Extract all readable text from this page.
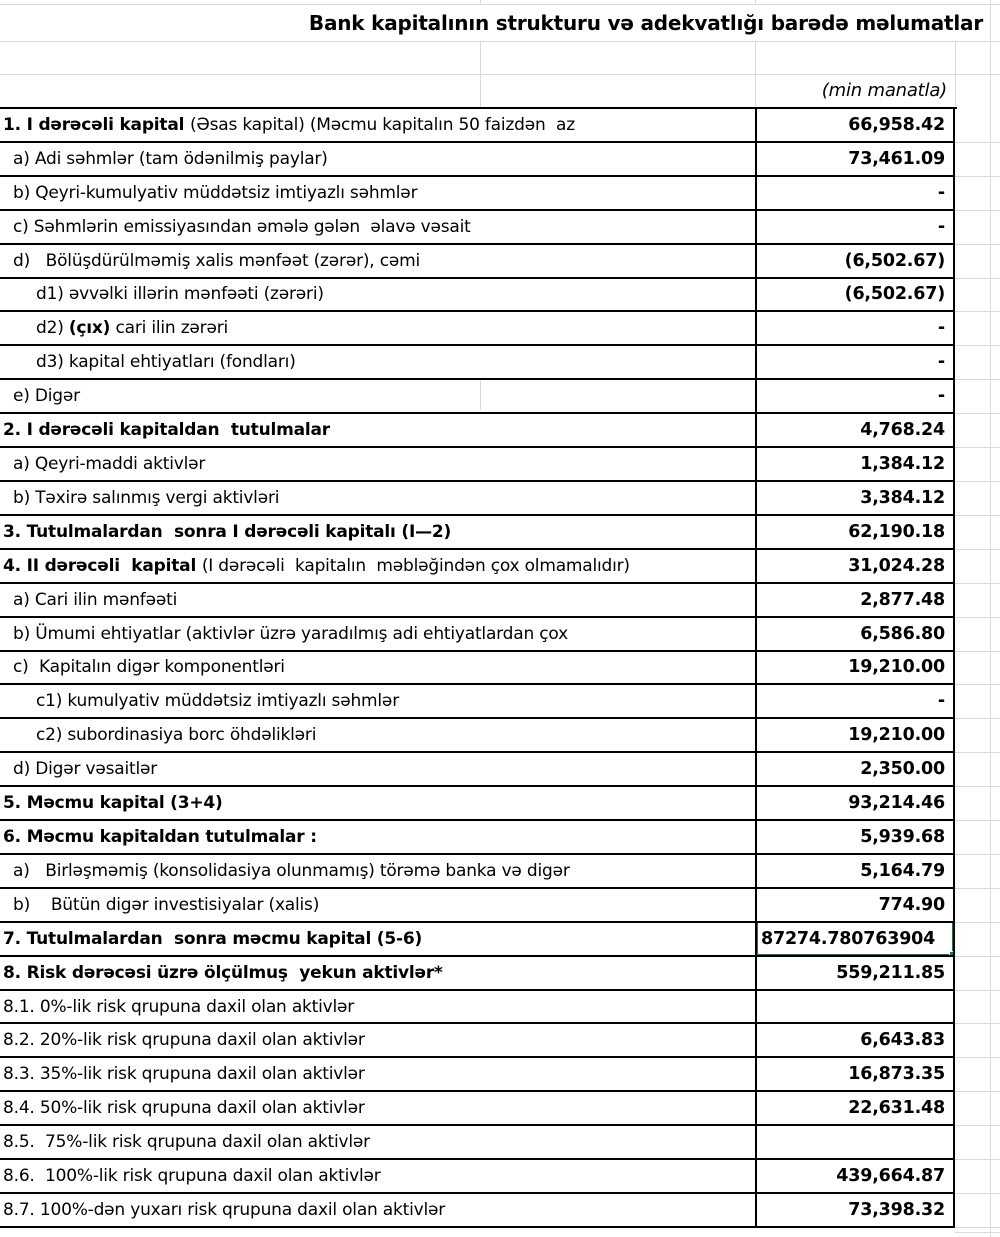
Bank kapitalının strukturu və adekvatlığı barədə məlumatlar
(min manatla)
1. I dərəcəli kapital (Əsas kapital) (Məcmu kapitalın 50 faizdən  az	66,958.42
a) Adi səhmlər (tam ödənilmiş paylar)	73,461.09
b) Qeyri-kumulyativ müddətsiz imtiyazlı səhmlər	-
c) Səhmlərin emissiyasından əmələ gələn  əlavə vəsait	-
d)   Bölüşdürülməmiş xalis mənfəət (zərər), cəmi	(6,502.67)
d1) əvvəlki illərin mənfəəti (zərəri)	(6,502.67)
d2) (çıx) cari ilin zərəri	-
d3) kapital ehtiyatları (fondları)	-
e) Digər	-
2. I dərəcəli kapitaldan  tutulmalar	4,768.24
a) Qeyri-maddi aktivlər	1,384.12
b) Təxirə salınmış vergi aktivləri	3,384.12
3. Tutulmalardan  sonra I dərəcəli kapitalı (I—2)	62,190.18
4. II dərəcəli  kapital (I dərəcəli  kapitalın  məbləğindən çox olmamalıdır)	31,024.28
a) Cari ilin mənfəəti	2,877.48
b) Ümumi ehtiyatlar (aktivlər üzrə yaradılmış adi ehtiyatlardan çox	6,586.80
c)  Kapitalın digər komponentləri	19,210.00
c1) kumulyativ müddətsiz imtiyazlı səhmlər	-
c2) subordinasiya borc öhdəlikləri	19,210.00
d) Digər vəsaitlər	2,350.00
5. Məcmu kapital (3+4)	93,214.46
6. Məcmu kapitaldan tutulmalar :	5,939.68
a)   Birləşməmiş (konsolidasiya olunmamış) törəmə banka və digər	5,164.79
b)    Bütün digər investisiyalar (xalis)	774.90
7. Tutulmalardan  sonra məcmu kapital (5-6)	87274.780763904
8. Risk dərəcəsi üzrə ölçülmuş  yekun aktivlər*	559,211.85
8.1. 0%-lik risk qrupuna daxil olan aktivlər
8.2. 20%-lik risk qrupuna daxil olan aktivlər	6,643.83
8.3. 35%-lik risk qrupuna daxil olan aktivlər	16,873.35
8.4. 50%-lik risk qrupuna daxil olan aktivlər	22,631.48
8.5.  75%-lik risk qrupuna daxil olan aktivlər
8.6.  100%-lik risk qrupuna daxil olan aktivlər	439,664.87
8.7. 100%-dən yuxarı risk qrupuna daxil olan aktivlər	73,398.32
